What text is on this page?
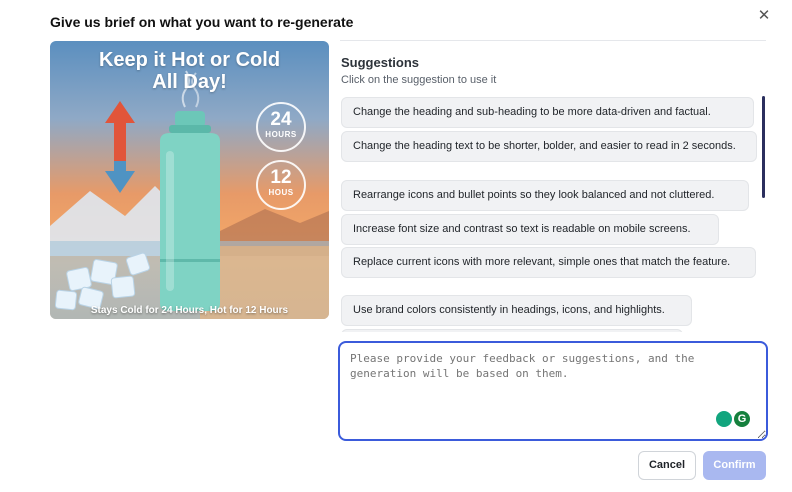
Give us brief on what you want to re-generate	✕
Keep it Hot or Cold
All Day!
24
HOURS
12
HOUS
Stays Cold for 24 Hours, Hot for 12 Hours
Suggestions
Click on the suggestion to use it
Change the heading and sub-heading to be more data-driven and factual.
Change the heading text to be shorter, bolder, and easier to read in 2 seconds.
Rearrange icons and bullet points so they look balanced and not cluttered.
Increase font size and contrast so text is readable on mobile screens.
Replace current icons with more relevant, simple ones that match the feature.
Use brand colors consistently in headings, icons, and highlights.
Please provide your feedback or suggestions, and the generation will be based on them.
G
Cancel	Confirm
